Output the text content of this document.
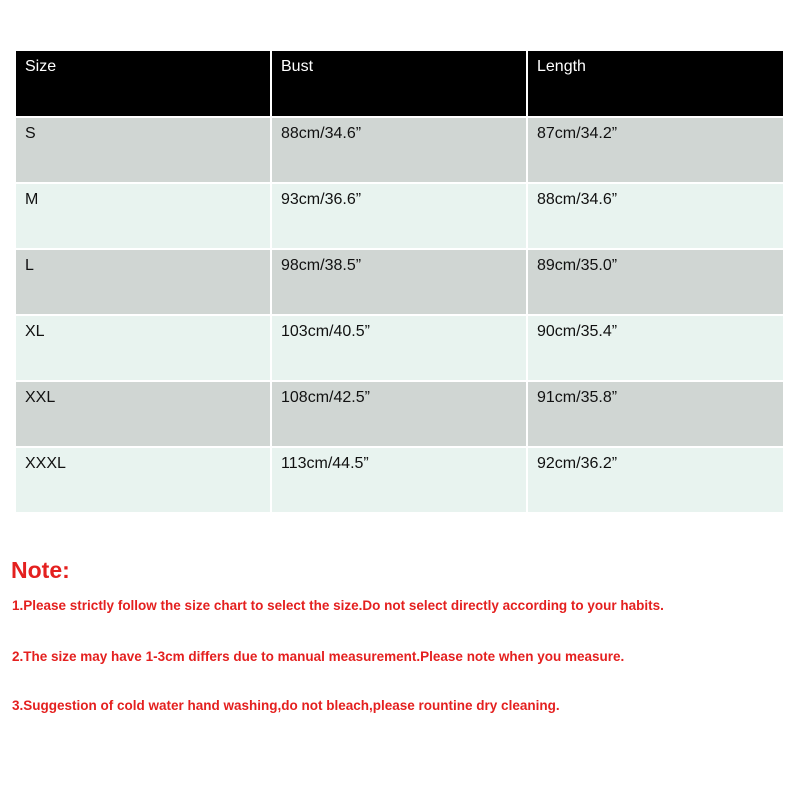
Size	Bust	Length
S	88cm/34.6”	87cm/34.2”
M	93cm/36.6”	88cm/34.6”
L	98cm/38.5”	89cm/35.0”
XL	103cm/40.5”	90cm/35.4”
XXL	108cm/42.5”	91cm/35.8”
XXXL	113cm/44.5”	92cm/36.2”
Note:

1.Please strictly follow the size chart to select the size.Do not select directly according to your habits.

2.The size may have 1-3cm differs due to manual measurement.Please note when you measure.

3.Suggestion of cold water hand washing,do not bleach,please rountine dry cleaning.
